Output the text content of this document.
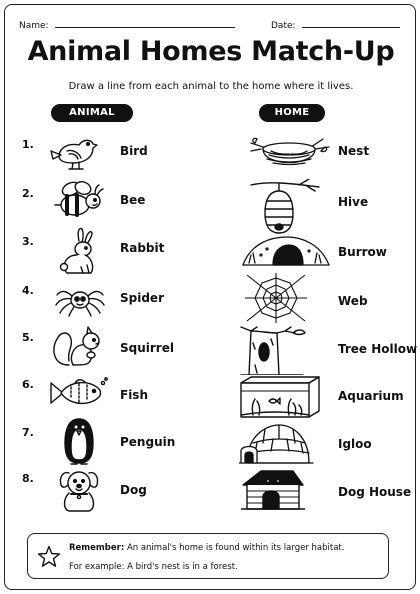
Name:	Date:
Animal Homes Match-Up
Draw a line from each animal to the home where it lives.
ANIMAL	HOME
1.
2.
3.
4.
5.
6.
7.
8.
Bird
Bee
Rabbit
Spider
Squirrel
Fish
Penguin
Dog
Nest
Hive
Burrow
Web
Tree Hollow
Aquarium
Igloo
Dog House
Remember: An animal's home is found within its larger habitat.
For example: A bird's nest is in a forest.
